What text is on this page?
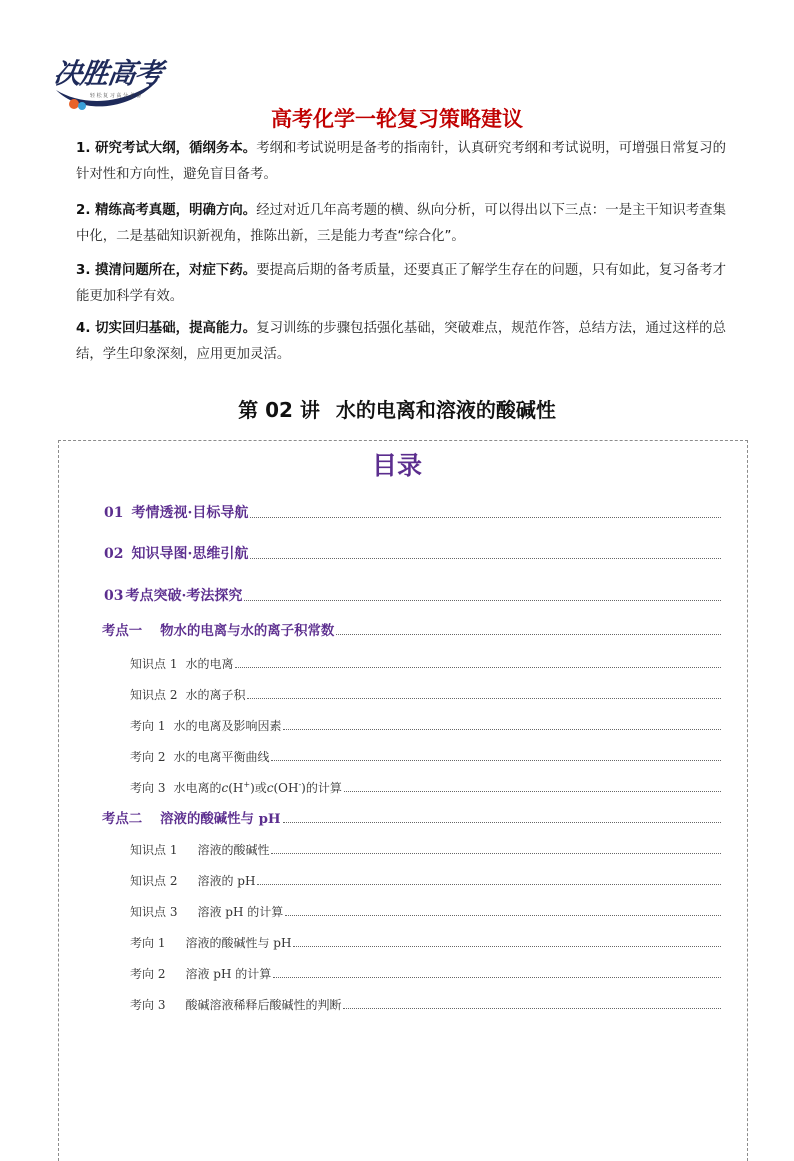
决胜高考
轻 松 复 习 高 分 必 备
高考化学一轮复习策略建议
1. 研究考试大纲，循纲务本。考纲和考试说明是备考的指南针，认真研究考纲和考试说明，可增强日常复习的针对性和方向性，避免盲目备考。
2. 精练高考真题，明确方向。经过对近几年高考题的横、纵向分析，可以得出以下三点：一是主干知识考查集中化，二是基础知识新视角，推陈出新，三是能力考查“综合化”。
3. 摸清问题所在，对症下药。要提高后期的备考质量，还要真正了解学生存在的问题，只有如此，复习备考才能更加科学有效。
4. 切实回归基础，提高能力。复习训练的步骤包括强化基础，突破难点，规范作答，总结方法，通过这样的总结，学生印象深刻，应用更加灵活。
第 02 讲 水的电离和溶液的酸碱性
目录
01 考情透视·目标导航
02 知识导图·思维引航
03 考点突破·考法探究
考点一 物水的电离与水的离子积常数
知识点 1 水的电离
知识点 2 水的离子积
考向 1 水的电离及影响因素
考向 2 水的电离平衡曲线
考向 3 水电离的c(H+)或c(OH-)的计算
考点二 溶液的酸碱性与 pH
知识点 1 溶液的酸碱性
知识点 2 溶液的 pH
知识点 3 溶液 pH 的计算
考向 1 溶液的酸碱性与 pH
考向 2 溶液 pH 的计算
考向 3 酸碱溶液稀释后酸碱性的判断
